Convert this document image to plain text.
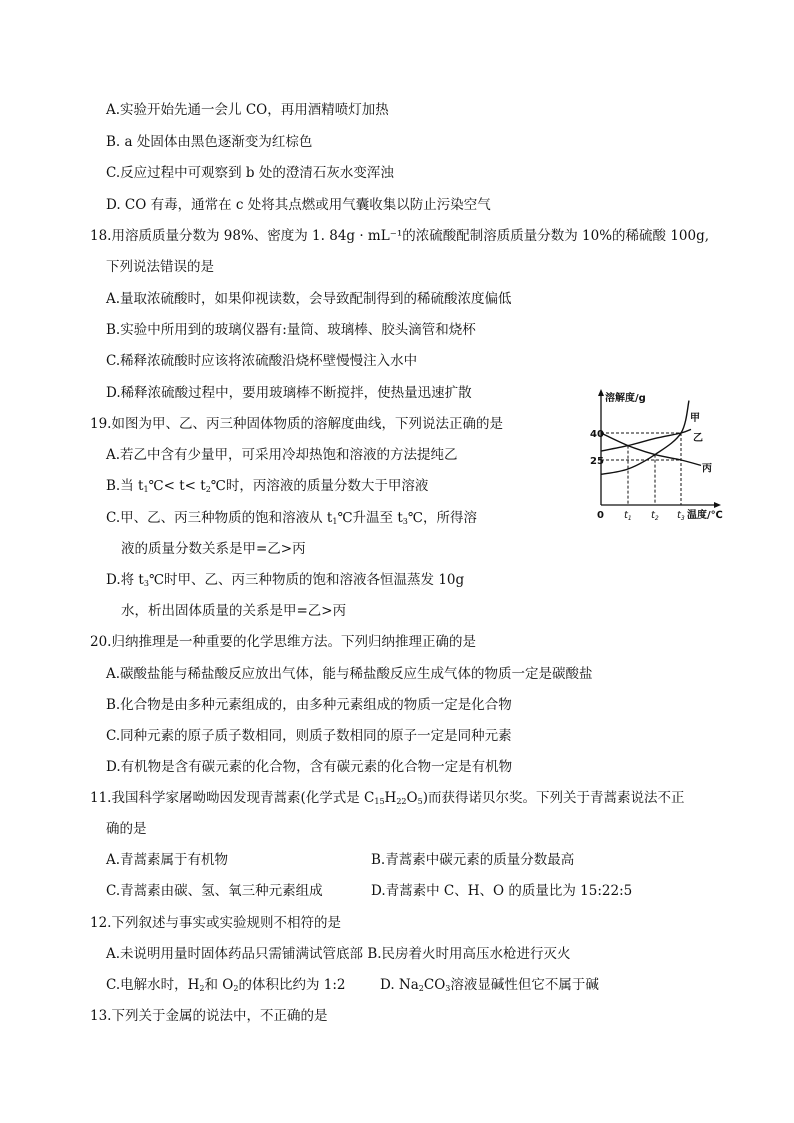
A.实验开始先通一会儿 CO，再用酒精喷灯加热
B. a 处固体由黑色逐渐变为红棕色
C.反应过程中可观察到 b 处的澄清石灰水变浑浊
D. CO 有毒，通常在 c 处将其点燃或用气囊收集以防止污染空气
18.用溶质质量分数为 98%、密度为 1. 84g · mL⁻¹的浓硫酸配制溶质质量分数为 10%的稀硫酸 100g,
下列说法错误的是
A.量取浓硫酸时，如果仰视读数，会导致配制得到的稀硫酸浓度偏低
B.实验中所用到的玻璃仪器有:量筒、玻璃棒、胶头滴管和烧杯
C.稀释浓硫酸时应该将浓硫酸沿烧杯壁慢慢注入水中
D.稀释浓硫酸过程中，要用玻璃棒不断搅拌，使热量迅速扩散
19.如图为甲、乙、丙三种固体物质的溶解度曲线，下列说法正确的是
A.若乙中含有少量甲，可采用冷却热饱和溶液的方法提纯乙
B.当 $t_1℃< t<$ $t_2℃$时，丙溶液的质量分数大于甲溶液
C.甲、乙、丙三种物质的饱和溶液从 $t_1℃$升温至 $t_3℃$，所得溶
液的质量分数关系是甲=乙>丙
D.将 $t_3℃$时甲、乙、丙三种物质的饱和溶液各恒温蒸发 10g
水，析出固体质量的关系是甲=乙>丙
溶解度/g
40
25
0 $t_1$ $t_2$ $t_3$ 温度/℃
甲
乙
丙
20.归纳推理是一种重要的化学思维方法。下列归纳推理正确的是
A.碳酸盐能与稀盐酸反应放出气体，能与稀盐酸反应生成气体的物质一定是碳酸盐
B.化合物是由多种元素组成的，由多种元素组成的物质一定是化合物
C.同种元素的原子质子数相同，则质子数相同的原子一定是同种元素
D.有机物是含有碳元素的化合物，含有碳元素的化合物一定是有机物
11.我国科学家屠呦呦因发现青蒿素(化学式是 $C_{15}H_{22}O_5$)而获得诺贝尔奖。下列关于青蒿素说法不正
确的是
A.青蒿素属于有机物	B.青蒿素中碳元素的质量分数最高
C.青蒿素由碳、氢、氧三种元素组成	D.青蒿素中 C、H、O 的质量比为 15:22:5
12.下列叙述与事实或实验规则不相符的是
A.未说明用量时固体药品只需铺满试管底部 B.民房着火时用高压水枪进行灭火
C.电解水时，$H_2$和 $O_2$的体积比约为 1:2	D. $Na_2CO_3$溶液显碱性但它不属于碱
13.下列关于金属的说法中，不正确的是
